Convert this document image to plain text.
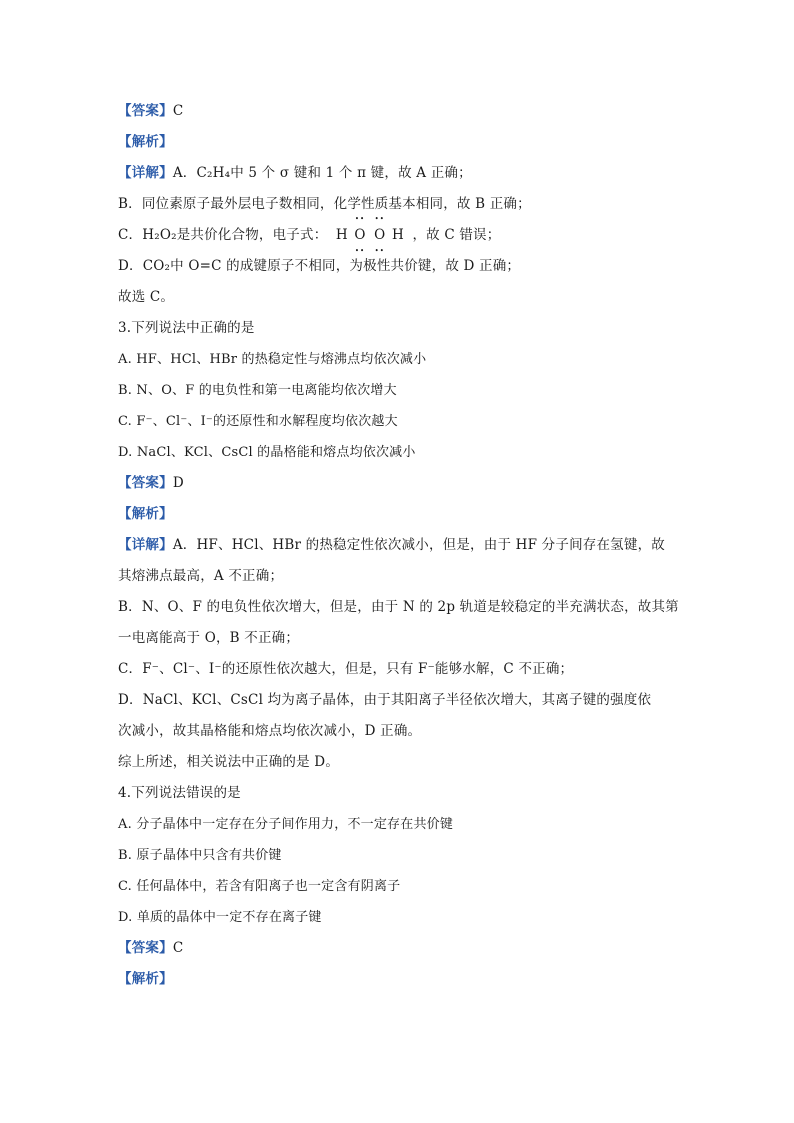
【答案】C
【解析】
【详解】A．C₂H₄中 5 个 σ 键和 1 个 π 键，故 A 正确；
B．同位素原子最外层电子数相同，化学性质基本相同，故 B 正确；
C．H₂O₂是共价化合物，电子式： H
••
O
••

••
O
••
H ，故 C 错误；
D．CO₂中 O=C 的成键原子不相同，为极性共价键，故 D 正确；
故选 C。
3.下列说法中正确的是
A. HF、HCl、HBr 的热稳定性与熔沸点均依次减小
B. N、O、F 的电负性和第一电离能均依次增大
C. F⁻、Cl⁻、I⁻的还原性和水解程度均依次越大
D. NaCl、KCl、CsCl 的晶格能和熔点均依次减小
【答案】D
【解析】
【详解】A．HF、HCl、HBr 的热稳定性依次减小，但是，由于 HF 分子间存在氢键，故
其熔沸点最高，A 不正确；
B．N、O、F 的电负性依次增大，但是，由于 N 的 2p 轨道是较稳定的半充满状态，故其第
一电离能高于 O，B 不正确；
C．F⁻、Cl⁻、I⁻的还原性依次越大，但是，只有 F⁻能够水解，C 不正确；
D．NaCl、KCl、CsCl 均为离子晶体，由于其阳离子半径依次增大，其离子键的强度依
次减小，故其晶格能和熔点均依次减小，D 正确。
综上所述，相关说法中正确的是 D。
4.下列说法错误的是
A. 分子晶体中一定存在分子间作用力，不一定存在共价键
B. 原子晶体中只含有共价键
C. 任何晶体中，若含有阳离子也一定含有阴离子
D. 单质的晶体中一定不存在离子键
【答案】C
【解析】
